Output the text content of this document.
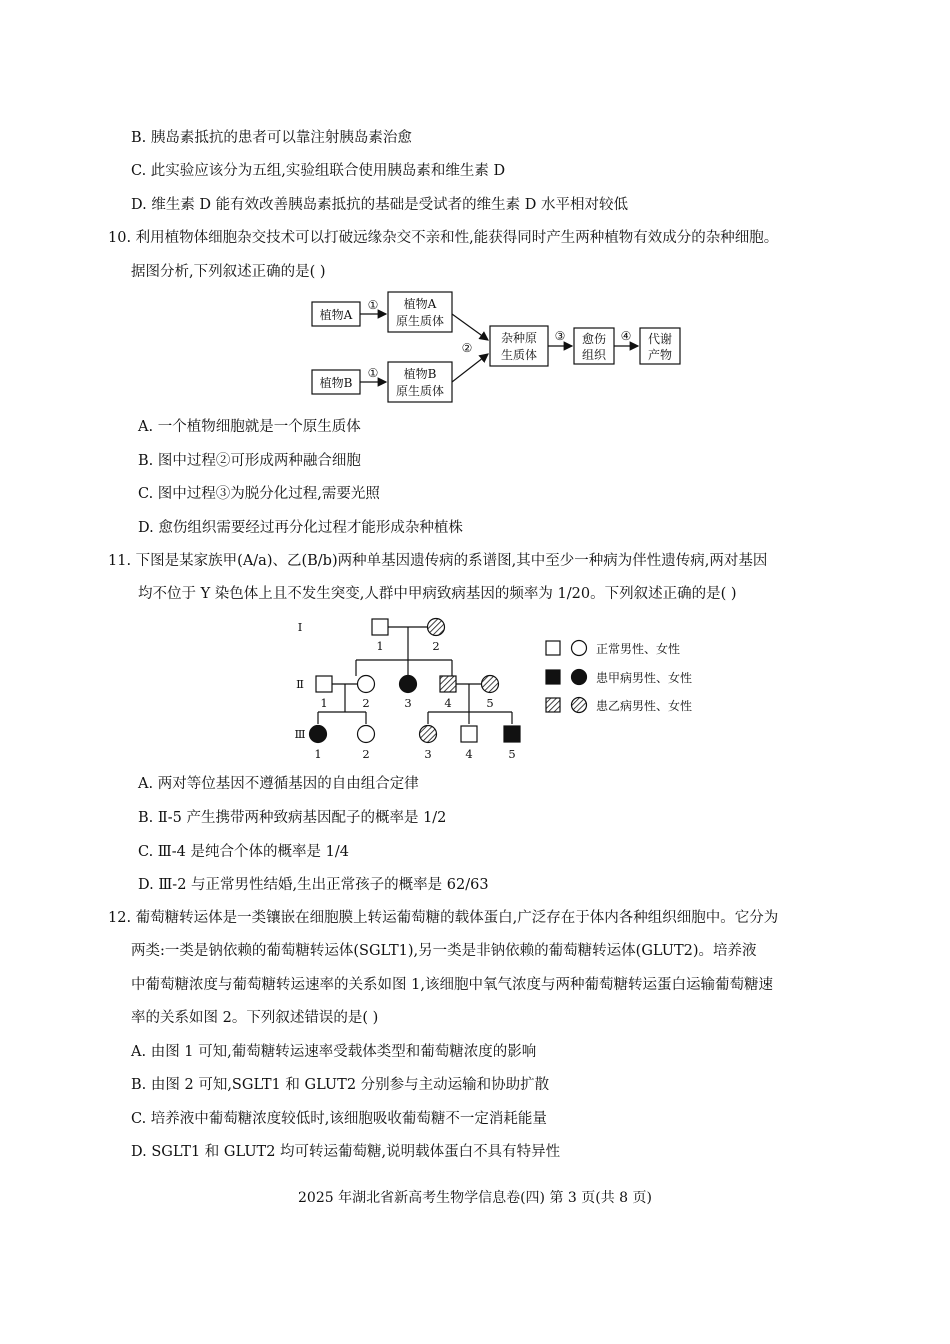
B. 胰岛素抵抗的患者可以靠注射胰岛素治愈
C. 此实验应该分为五组,实验组联合使用胰岛素和维生素 D
D. 维生素 D 能有效改善胰岛素抵抗的基础是受试者的维生素 D 水平相对较低
10. 利用植物体细胞杂交技术可以打破远缘杂交不亲和性,能获得同时产生两种植物有效成分的杂种细胞。
据图分析,下列叙述正确的是( )
植物A
植物A
原生质体
植物B
植物B
原生质体
杂种原
生质体
愈伤
组织
代谢
产物
①
①
②
③	④
A. 一个植物细胞就是一个原生质体
B. 图中过程②可形成两种融合细胞
C. 图中过程③为脱分化过程,需要光照
D. 愈伤组织需要经过再分化过程才能形成杂种植株
11. 下图是某家族甲(A/a)、乙(B/b)两种单基因遗传病的系谱图,其中至少一种病为伴性遗传病,两对基因
均不位于 Y 染色体上且不发生突变,人群中甲病致病基因的频率为 1/20。下列叙述正确的是( )
Ⅰ
Ⅱ
Ⅲ
1	2
1	2	3	4	5
1	2	3	4	5
正常男性、女性
患甲病男性、女性
患乙病男性、女性
A. 两对等位基因不遵循基因的自由组合定律
B. Ⅱ-5 产生携带两种致病基因配子的概率是 1/2
C. Ⅲ-4 是纯合个体的概率是 1/4
D. Ⅲ-2 与正常男性结婚,生出正常孩子的概率是 62/63
12. 葡萄糖转运体是一类镶嵌在细胞膜上转运葡萄糖的载体蛋白,广泛存在于体内各种组织细胞中。它分为
两类:一类是钠依赖的葡萄糖转运体(SGLT1),另一类是非钠依赖的葡萄糖转运体(GLUT2)。培养液
中葡萄糖浓度与葡萄糖转运速率的关系如图 1,该细胞中氧气浓度与两种葡萄糖转运蛋白运输葡萄糖速
率的关系如图 2。下列叙述错误的是( )
A. 由图 1 可知,葡萄糖转运速率受载体类型和葡萄糖浓度的影响
B. 由图 2 可知,SGLT1 和 GLUT2 分别参与主动运输和协助扩散
C. 培养液中葡萄糖浓度较低时,该细胞吸收葡萄糖不一定消耗能量
D. SGLT1 和 GLUT2 均可转运葡萄糖,说明载体蛋白不具有特异性
2025 年湖北省新高考生物学信息卷(四) 第 3 页(共 8 页)
